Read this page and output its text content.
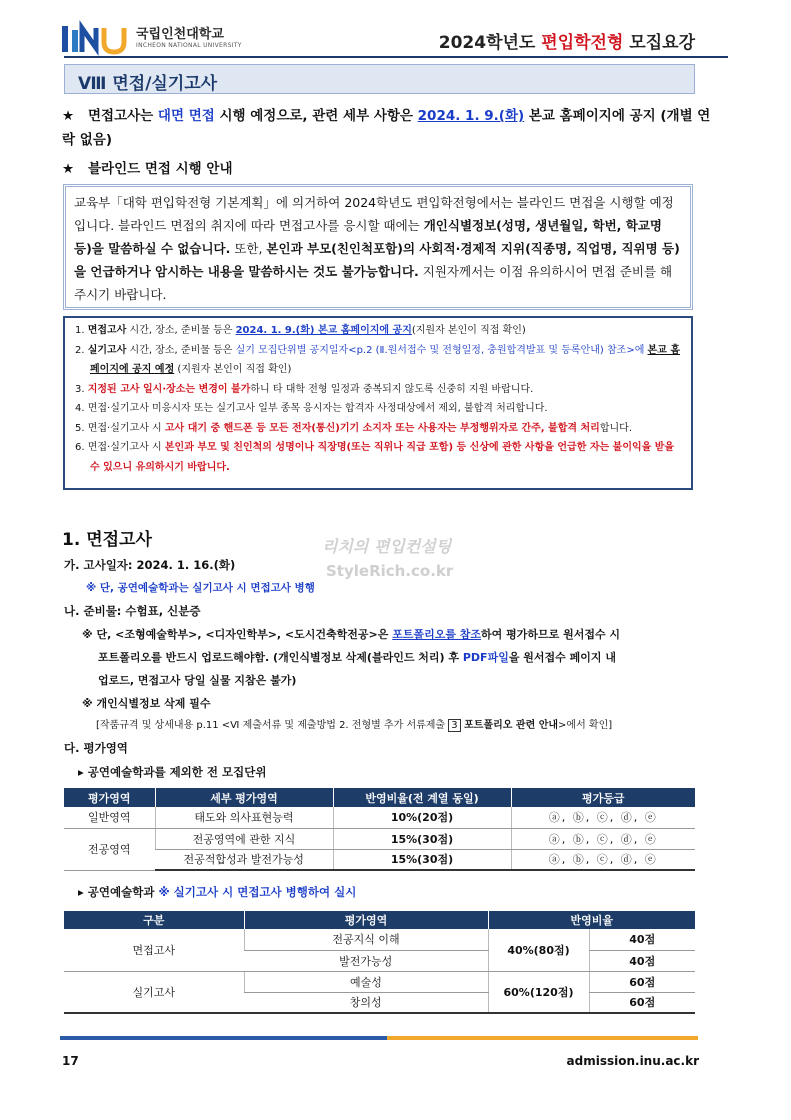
국립인천대학교
INCHEON NATIONAL UNIVERSITY	2024학년도 편입학전형 모집요강
Ⅷ 면접/실기고사
★ 면접고사는 대면 면접 시행 예정으로, 관련 세부 사항은 2024. 1. 9.(화) 본교 홈페이지에 공지 (개별 연락 없음)
★ 블라인드 면접 시행 안내
교육부「대학 편입학전형 기본계획」에 의거하여 2024학년도 편입학전형에서는 블라인드 면접을 시행할 예정입니다. 블라인드 면접의 취지에 따라 면접고사를 응시할 때에는 개인식별정보(성명, 생년월일, 학번, 학교명 등)을 말씀하실 수 없습니다. 또한, 본인과 부모(친인척포함)의 사회적·경제적 지위(직종명, 직업명, 직위명 등)을 언급하거나 암시하는 내용을 말씀하시는 것도 불가능합니다. 지원자께서는 이점 유의하시어 면접 준비를 해주시기 바랍니다.
1. 면접고사 시간, 장소, 준비물 등은 2024. 1. 9.(화) 본교 홈페이지에 공지(지원자 본인이 직접 확인)
2. 실기고사 시간, 장소, 준비물 등은 실기 모집단위별 공지일자<p.2 (Ⅱ.원서접수 및 전형일정, 충원합격발표 및 등록안내) 참조>에 본교 홈페이지에 공지 예정 (지원자 본인이 직접 확인)
3. 지정된 고사 일시·장소는 변경이 불가하니 타 대학 전형 일정과 중복되지 않도록 신중히 지원 바랍니다.
4. 면접·실기고사 미응시자 또는 실기고사 일부 종목 응시자는 합격자 사정대상에서 제외, 불합격 처리합니다.
5. 면접·실기고사 시 고사 대기 중 핸드폰 등 모든 전자(통신)기기 소지자 또는 사용자는 부정행위자로 간주, 불합격 처리합니다.
6. 면접·실기고사 시 본인과 부모 및 친인척의 성명이나 직장명(또는 직위나 직급 포함) 등 신상에 관한 사항을 언급한 자는 불이익을 받을 수 있으니 유의하시기 바랍니다.
1. 면접고사	리치의 편입컨설팅
StyleRich.co.kr
가. 고사일자: 2024. 1. 16.(화)
※ 단, 공연예술학과는 실기고사 시 면접고사 병행
나. 준비물: 수험표, 신분증
※ 단, <조형예술학부>, <디자인학부>, <도시건축학전공>은 포트폴리오를 참조하여 평가하므로 원서접수 시
포트폴리오를 반드시 업로드해야함. (개인식별정보 삭제(블라인드 처리) 후 PDF파일을 원서접수 페이지 내
업로드, 면접고사 당일 실물 지참은 불가)
※ 개인식별정보 삭제 필수
[작품규격 및 상세내용 p.11 <Ⅵ 제출서류 및 제출방법 2. 전형별 추가 서류제출 3 포트폴리오 관련 안내>에서 확인]
다. 평가영역
▸ 공연예술학과를 제외한 전 모집단위
평가영역	세부 평가영역	반영비율(전 계열 동일)	평가등급
일반영역	태도와 의사표현능력	10%(20점)	ⓐ, ⓑ, ⓒ, ⓓ, ⓔ
전공영역	전공영역에 관한 지식	15%(30점)	ⓐ, ⓑ, ⓒ, ⓓ, ⓔ
	전공적합성과 발전가능성	15%(30점)	ⓐ, ⓑ, ⓒ, ⓓ, ⓔ
▸ 공연예술학과 ※ 실기고사 시 면접고사 병행하여 실시
구분	평가영역	반영비율	
면접고사	전공지식 이해	40%(80점)	40점
	발전가능성		40점
실기고사	예술성	60%(120점)	60점
	창의성		60점
17	admission.inu.ac.kr
